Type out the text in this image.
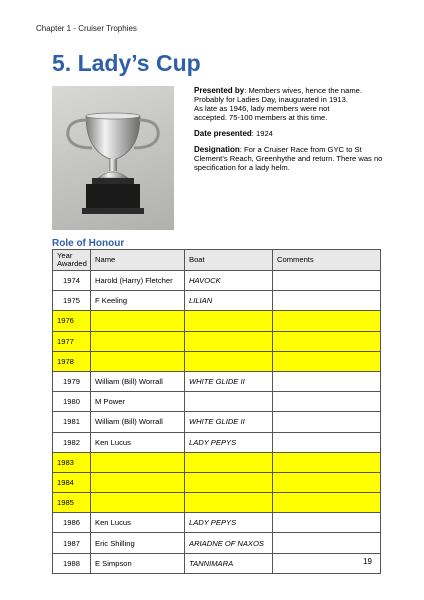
Chapter 1 - Cruiser Trophies
5. Lady’s Cup

Presented by: Members wives, hence the name.
Probably for Ladies Day, inaugurated in 1913.
As late as 1946, lady members were not
accepted. 75-100 members at this time.

Date presented: 1924

Designation: For a Cruiser Race from GYC to St Clement’s Reach, Greenhythe and return. There was no specification for a lady helm.

Role of Honour
Year Awarded	Name	Boat	Comments
1974	Harold (Harry) Fletcher	HAVOCK	
1975	F Keeling	LILIAN	
1976			
1977			
1978			
1979	William (Bill) Worrall	WHITE GLIDE II	
1980	M Power		
1981	William (Bill) Worrall	WHITE GLIDE II	
1982	Ken Lucus	LADY PEPYS	
1983			
1984			
1985			
1986	Ken Lucus	LADY PEPYS	
1987	Eric Shilling	ARIADNE OF NAXOS	
1988	E Simpson	TANNIMARA		19
